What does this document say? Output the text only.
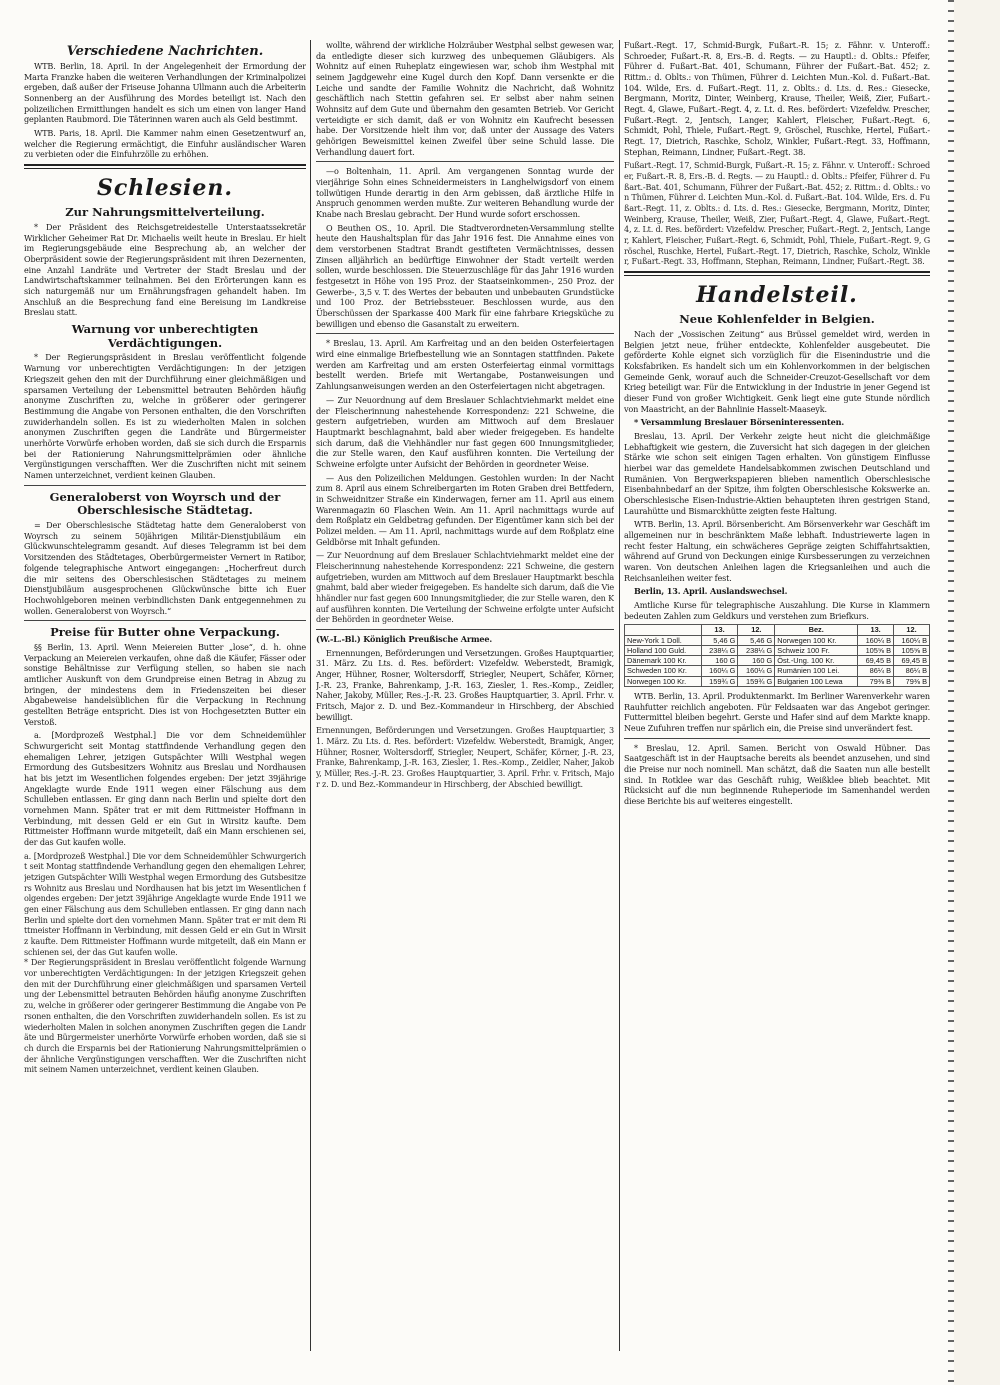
Verschiedene Nachrichten.

WTB. Berlin, 18. April. In der Angelegenheit der Ermordung der Marta Franzke haben die weiteren Verhandlungen der Kriminalpolizei ergeben, daß außer der Friseuse Johanna Ullmann auch die Arbeiterin Sonnenberg an der Ausführung des Mordes beteiligt ist. Nach den polizeilichen Ermittlungen handelt es sich um einen von langer Hand geplanten Raubmord. Die Täterinnen waren auch als Geld bestimmt.

WTB. Paris, 18. April. Die Kammer nahm einen Gesetzentwurf an, welcher die Regierung ermächtigt, die Einfuhr ausländischer Waren zu verbieten oder die Einfuhrzölle zu erhöhen.

Schlesien.
Zur Nahrungsmittelverteilung.

* Der Präsident des Reichsgetreidestelle Unterstaatssekretär Wirklicher Geheimer Rat Dr. Michaelis weilt heute in Breslau. Er hielt im Regierungsgebäude eine Besprechung ab, an welcher der Oberpräsident sowie der Regierungspräsident mit ihren Dezernenten, eine Anzahl Landräte und Vertreter der Stadt Breslau und der Landwirtschaftskammer teilnahmen. Bei den Erörterungen kann es sich naturgemäß nur um Ernährungsfragen gehandelt haben. Im Anschluß an die Besprechung fand eine Bereisung im Landkreise Breslau statt.

Warnung vor unberechtigten Verdächtigungen.

* Der Regierungspräsident in Breslau veröffentlicht folgende Warnung vor unberechtigten Verdächtigungen: In der jetzigen Kriegszeit gehen den mit der Durchführung einer gleichmäßigen und sparsamen Verteilung der Lebensmittel betrauten Behörden häufig anonyme Zuschriften zu, welche in größerer oder geringerer Bestimmung die Angabe von Personen enthalten, die den Vorschriften zuwiderhandeln sollen. Es ist zu wiederholten Malen in solchen anonymen Zuschriften gegen die Landräte und Bürgermeister unerhörte Vorwürfe erhoben worden, daß sie sich durch die Ersparnis bei der Rationierung Nahrungsmittelprämien oder ähnliche Vergünstigungen verschafften. Wer die Zuschriften nicht mit seinem Namen unterzeichnet, verdient keinen Glauben.

Generaloberst von Woyrsch und der Oberschlesische Städtetag.

= Der Oberschlesische Städtetag hatte dem Generaloberst von Woyrsch zu seinem 50jährigen Militär-Dienstjubiläum ein Glückwunschtelegramm gesandt. Auf dieses Telegramm ist bei dem Vorsitzenden des Städtetages, Oberbürgermeister Vernert in Ratibor, folgende telegraphische Antwort eingegangen: „Hocherfreut durch die mir seitens des Oberschlesischen Städtetages zu meinem Dienstjubiläum ausgesprochenen Glückwünsche bitte ich Euer Hochwohlgeboren meinen verbindlichsten Dank entgegennehmen zu wollen. Generaloberst von Woyrsch.“

Preise für Butter ohne Verpackung.

§§ Berlin, 13. April. Wenn Meiereien Butter „lose“, d. h. ohne Verpackung an Meiereien verkaufen, ohne daß die Käufer, Fässer oder sonstige Behältnisse zur Verfügung stellen, so haben sie nach amtlicher Auskunft von dem Grundpreise einen Betrag in Abzug zu bringen, der mindestens dem in Friedenszeiten bei dieser Abgabeweise handelsüblichen für die Verpackung in Rechnung gestellten Beträge entspricht. Dies ist von Hochgesetzten Butter ein Verstoß.

a. [Mordprozeß Westphal.] Die vor dem Schneidemühler Schwurgericht seit Montag stattfindende Verhandlung gegen den ehemaligen Lehrer, jetzigen Gutspächter Willi Westphal wegen Ermordung des Gutsbesitzers Wohnitz aus Breslau und Nordhausen hat bis jetzt im Wesentlichen folgendes ergeben: Der jetzt 39jährige Angeklagte wurde Ende 1911 wegen einer Fälschung aus dem Schulleben entlassen. Er ging dann nach Berlin und spielte dort den vornehmen Mann. Später trat er mit dem Rittmeister Hoffmann in Verbindung, mit dessen Geld er ein Gut in Wirsitz kaufte. Dem Rittmeister Hoffmann wurde mitgeteilt, daß ein Mann erschienen sei, der das Gut kaufen wolle.

a. [Mordprozeß Westphal.] Die vor dem Schneidemühler Schwurgericht seit Montag stattfindende Verhandlung gegen den ehemaligen Lehrer, jetzigen Gutspächter Willi Westphal wegen Ermordung des Gutsbesitzers Wohnitz aus Breslau und Nordhausen hat bis jetzt im Wesentlichen folgendes ergeben: Der jetzt 39jährige Angeklagte wurde Ende 1911 wegen einer Fälschung aus dem Schulleben entlassen. Er ging dann nach Berlin und spielte dort den vornehmen Mann. Später trat er mit dem Rittmeister Hoffmann in Verbindung, mit dessen Geld er ein Gut in Wirsitz kaufte. Dem Rittmeister Hoffmann wurde mitgeteilt, daß ein Mann erschienen sei, der das Gut kaufen wolle.
* Der Regierungspräsident in Breslau veröffentlicht folgende Warnung vor unberechtigten Verdächtigungen: In der jetzigen Kriegszeit gehen den mit der Durchführung einer gleichmäßigen und sparsamen Verteilung der Lebensmittel betrauten Behörden häufig anonyme Zuschriften zu, welche in größerer oder geringerer Bestimmung die Angabe von Personen enthalten, die den Vorschriften zuwiderhandeln sollen. Es ist zu wiederholten Malen in solchen anonymen Zuschriften gegen die Landräte und Bürgermeister unerhörte Vorwürfe erhoben worden, daß sie sich durch die Ersparnis bei der Rationierung Nahrungsmittelprämien oder ähnliche Vergünstigungen verschafften. Wer die Zuschriften nicht mit seinem Namen unterzeichnet, verdient keinen Glauben.

wollte, während der wirkliche Holzräuber Westphal selbst gewesen war, da entledigte dieser sich kurzweg des unbequemen Gläubigers. Als Wohnitz auf einen Ruheplatz eingewiesen war, schob ihm Westphal mit seinem Jagdgewehr eine Kugel durch den Kopf. Dann versenkte er die Leiche und sandte der Familie Wohnitz die Nachricht, daß Wohnitz geschäftlich nach Stettin gefahren sei. Er selbst aber nahm seinen Wohnsitz auf dem Gute und übernahm den gesamten Betrieb. Vor Gericht verteidigte er sich damit, daß er von Wohnitz ein Kaufrecht besessen habe. Der Vorsitzende hielt ihm vor, daß unter der Aussage des Vaters gehörigen Beweismittel keinen Zweifel über seine Schuld lasse. Die Verhandlung dauert fort.

—o Boltenhain, 11. April. Am vergangenen Sonntag wurde der vierjährige Sohn eines Schneidermeisters in Langhelwigsdorf von einem tollwütigen Hunde derartig in den Arm gebissen, daß ärztliche Hilfe in Anspruch genommen werden mußte. Zur weiteren Behandlung wurde der Knabe nach Breslau gebracht. Der Hund wurde sofort erschossen.

O Beuthen OS., 10. April. Die Stadtverordneten-Versammlung stellte heute den Haushaltsplan für das Jahr 1916 fest. Die Annahme eines von dem verstorbenen Stadtrat Brandt gestifteten Vermächtnisses, dessen Zinsen alljährlich an bedürftige Einwohner der Stadt verteilt werden sollen, wurde beschlossen. Die Steuerzuschläge für das Jahr 1916 wurden festgesetzt in Höhe von 195 Proz. der Staatseinkommen-, 250 Proz. der Gewerbe-, 3,5 v. T. des Wertes der bebauten und unbebauten Grundstücke und 100 Proz. der Betriebssteuer. Beschlossen wurde, aus den Überschüssen der Sparkasse 400 Mark für eine fahrbare Kriegsküche zu bewilligen und ebenso die Gasanstalt zu erweitern.

* Breslau, 13. April. Am Karfreitag und an den beiden Osterfeiertagen wird eine einmalige Briefbestellung wie an Sonntagen stattfinden. Pakete werden am Karfreitag und am ersten Osterfeiertag einmal vormittags bestellt werden. Briefe mit Wertangabe, Postanweisungen und Zahlungsanweisungen werden an den Osterfeiertagen nicht abgetragen.

— Zur Neuordnung auf dem Breslauer Schlachtviehmarkt meldet eine der Fleischerinnung nahestehende Korrespondenz: 221 Schweine, die gestern aufgetrieben, wurden am Mittwoch auf dem Breslauer Hauptmarkt beschlagnahmt, bald aber wieder freigegeben. Es handelte sich darum, daß die Viehhändler nur fast gegen 600 Innungsmitglieder, die zur Stelle waren, den Kauf ausführen konnten. Die Verteilung der Schweine erfolgte unter Aufsicht der Behörden in geordneter Weise.

— Aus den Polizeilichen Meldungen. Gestohlen wurden: In der Nacht zum 8. April aus einem Schreibergarten im Roten Graben drei Bettfedern, in Schweidnitzer Straße ein Kinderwagen, ferner am 11. April aus einem Warenmagazin 60 Flaschen Wein. Am 11. April nachmittags wurde auf dem Roßplatz ein Geldbetrag gefunden. Der Eigentümer kann sich bei der Polizei melden. — Am 11. April, nachmittags wurde auf dem Roßplatz eine Geldbörse mit Inhalt gefunden.

— Zur Neuordnung auf dem Breslauer Schlachtviehmarkt meldet eine der Fleischerinnung nahestehende Korrespondenz: 221 Schweine, die gestern aufgetrieben, wurden am Mittwoch auf dem Breslauer Hauptmarkt beschlagnahmt, bald aber wieder freigegeben. Es handelte sich darum, daß die Viehhändler nur fast gegen 600 Innungsmitglieder, die zur Stelle waren, den Kauf ausführen konnten. Die Verteilung der Schweine erfolgte unter Aufsicht der Behörden in geordneter Weise.

(W.-L.-Bl.) Königlich Preußische Armee.

Ernennungen, Beförderungen und Versetzungen. Großes Hauptquartier, 31. März. Zu Lts. d. Res. befördert: Vizefeldw. Weberstedt, Bramigk, Anger, Hühner, Rosner, Woltersdorff, Striegler, Neupert, Schäfer, Körner, J.-R. 23, Franke, Bahrenkamp, J.-R. 163, Ziesler, 1. Res.-Komp., Zeidler, Naher, Jakoby, Müller, Res.-J.-R. 23. Großes Hauptquartier, 3. April. Frhr. v. Fritsch, Major z. D. und Bez.-Kommandeur in Hirschberg, der Abschied bewilligt.

Ernennungen, Beförderungen und Versetzungen. Großes Hauptquartier, 31. März. Zu Lts. d. Res. befördert: Vizefeldw. Weberstedt, Bramigk, Anger, Hühner, Rosner, Woltersdorff, Striegler, Neupert, Schäfer, Körner, J.-R. 23, Franke, Bahrenkamp, J.-R. 163, Ziesler, 1. Res.-Komp., Zeidler, Naher, Jakoby, Müller, Res.-J.-R. 23. Großes Hauptquartier, 3. April. Frhr. v. Fritsch, Major z. D. und Bez.-Kommandeur in Hirschberg, der Abschied bewilligt.

Fußart.-Regt. 17, Schmid-Burgk, Fußart.-R. 15; z. Fähnr. v. Unteroff.: Schroeder, Fußart.-R. 8, Ers.-B. d. Regts. — zu Hauptl.: d. Oblts.: Pfeifer, Führer d. Fußart.-Bat. 401, Schumann, Führer der Fußart.-Bat. 452; z. Rittm.: d. Oblts.: von Thümen, Führer d. Leichten Mun.-Kol. d. Fußart.-Bat. 104. Wilde, Ers. d. Fußart.-Regt. 11, z. Oblts.: d. Lts. d. Res.: Giesecke, Bergmann, Moritz, Dinter, Weinberg, Krause, Theiler, Weiß, Zier, Fußart.-Regt. 4, Glawe, Fußart.-Regt. 4, z. Lt. d. Res. befördert: Vizefeldw. Prescher, Fußart.-Regt. 2, Jentsch, Langer, Kahlert, Fleischer, Fußart.-Regt. 6, Schmidt, Pohl, Thiele, Fußart.-Regt. 9, Gröschel, Ruschke, Hertel, Fußart.-Regt. 17, Dietrich, Raschke, Scholz, Winkler, Fußart.-Regt. 33, Hoffmann, Stephan, Reimann, Lindner, Fußart.-Regt. 38.

Fußart.-Regt. 17, Schmid-Burgk, Fußart.-R. 15; z. Fähnr. v. Unteroff.: Schroeder, Fußart.-R. 8, Ers.-B. d. Regts. — zu Hauptl.: d. Oblts.: Pfeifer, Führer d. Fußart.-Bat. 401, Schumann, Führer der Fußart.-Bat. 452; z. Rittm.: d. Oblts.: von Thümen, Führer d. Leichten Mun.-Kol. d. Fußart.-Bat. 104. Wilde, Ers. d. Fußart.-Regt. 11, z. Oblts.: d. Lts. d. Res.: Giesecke, Bergmann, Moritz, Dinter, Weinberg, Krause, Theiler, Weiß, Zier, Fußart.-Regt. 4, Glawe, Fußart.-Regt. 4, z. Lt. d. Res. befördert: Vizefeldw. Prescher, Fußart.-Regt. 2, Jentsch, Langer, Kahlert, Fleischer, Fußart.-Regt. 6, Schmidt, Pohl, Thiele, Fußart.-Regt. 9, Gröschel, Ruschke, Hertel, Fußart.-Regt. 17, Dietrich, Raschke, Scholz, Winkler, Fußart.-Regt. 33, Hoffmann, Stephan, Reimann, Lindner, Fußart.-Regt. 38.
Handelsteil.
Neue Kohlenfelder in Belgien.

Nach der „Vossischen Zeitung“ aus Brüssel gemeldet wird, werden in Belgien jetzt neue, früher entdeckte, Kohlenfelder ausgebeutet. Die geförderte Kohle eignet sich vorzüglich für die Eisenindustrie und die Koksfabriken. Es handelt sich um ein Kohlenvorkommen in der belgischen Gemeinde Genk, worauf auch die Schneider-Creuzot-Gesellschaft vor dem Krieg beteiligt war. Für die Entwicklung in der Industrie in jener Gegend ist dieser Fund von großer Wichtigkeit. Genk liegt eine gute Stunde nördlich von Maastricht, an der Bahnlinie Hasselt-Maaseyk.

* Versammlung Breslauer Börseninteressenten.

Breslau, 13. April. Der Verkehr zeigte heut nicht die gleichmäßige Lebhaftigkeit wie gestern, die Zuversicht hat sich dagegen in der gleichen Stärke wie schon seit einigen Tagen erhalten. Von günstigem Einflusse hierbei war das gemeldete Handelsabkommen zwischen Deutschland und Rumänien. Von Bergwerkspapieren blieben namentlich Oberschlesische Eisenbahnbedarf an der Spitze, ihm folgten Oberschlesische Kokswerke an. Oberschlesische Eisen-Industrie-Aktien behaupteten ihren gestrigen Stand, Laurahütte und Bismarckhütte zeigten feste Haltung.

WTB. Berlin, 13. April. Börsenbericht. Am Börsenverkehr war Geschäft im allgemeinen nur in beschränktem Maße lebhaft. Industriewerte lagen in recht fester Haltung, ein schwächeres Gepräge zeigten Schiffahrtsaktien, während auf Grund von Deckungen einige Kursbesserungen zu verzeichnen waren. Von deutschen Anleihen lagen die Kriegsanleihen und auch die Reichsanleihen weiter fest.

Berlin, 13. April. Auslandswechsel.

Amtliche Kurse für telegraphische Auszahlung. Die Kurse in Klammern bedeuten Zahlen zum Geldkurs und verstehen zum Briefkurs.

	13.	12.	Bez.	13.	12.
New-York 1 Doll.	5,46 G	5,46 G	Norwegen 100 Kr.	160¼ B	160¼ B
Holland 100 Guld.	238¼ G	238¼ G	Schweiz 100 Fr.	105⅝ B	105⅝ B
Dänemark 100 Kr.	160 G	160 G	Öst.-Ung. 100 Kr.	69,45 B	69,45 B
Schweden 100 Kr.	160¼ G	160¼ G	Rumänien 100 Lei.	86¼ B	86¼ B
Norwegen 100 Kr.	159¾ G	159¾ G	Bulgarien 100 Lewa	79⅜ B	79⅜ B

WTB. Berlin, 13. April. Produktenmarkt. Im Berliner Warenverkehr waren Rauhfutter reichlich angeboten. Für Feldsaaten war das Angebot geringer. Futtermittel bleiben begehrt. Gerste und Hafer sind auf dem Markte knapp. Neue Zufuhren treffen nur spärlich ein, die Preise sind unverändert fest.

* Breslau, 12. April. Samen. Bericht von Oswald Hübner. Das Saatgeschäft ist in der Hauptsache bereits als beendet anzusehen, und sind die Preise nur noch nominell. Man schätzt, daß die Saaten nun alle bestellt sind. In Rotklee war das Geschäft ruhig, Weißklee blieb beachtet. Mit Rücksicht auf die nun beginnende Ruheperiode im Samenhandel werden diese Berichte bis auf weiteres eingestellt.
